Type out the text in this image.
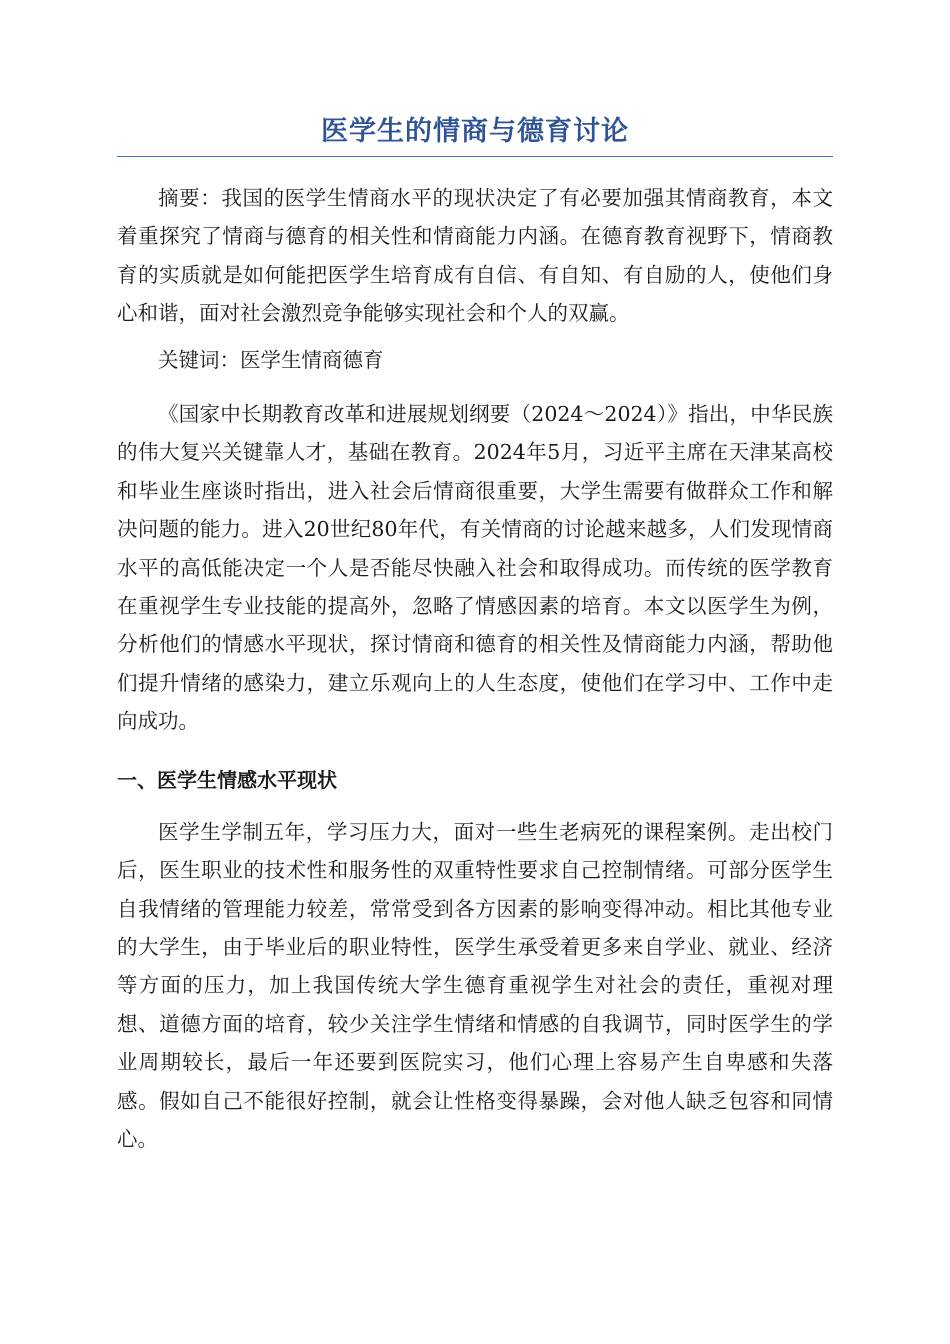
医学生的情商与德育讨论

摘要：我国的医学生情商水平的现状决定了有必要加强其情商教育，本文着重探究了情商与德育的相关性和情商能力内涵。在德育教育视野下，情商教育的实质就是如何能把医学生培育成有自信、有自知、有自励的人，使他们身心和谐，面对社会激烈竞争能够实现社会和个人的双赢。

关键词：医学生情商德育

《国家中长期教育改革和进展规划纲要（2024～2024）》指出，中华民族的伟大复兴关键靠人才，基础在教育。2024年5月，习近平主席在天津某高校和毕业生座谈时指出，进入社会后情商很重要，大学生需要有做群众工作和解决问题的能力。进入20世纪80年代，有关情商的讨论越来越多，人们发现情商水平的高低能决定一个人是否能尽快融入社会和取得成功。而传统的医学教育在重视学生专业技能的提高外，忽略了情感因素的培育。本文以医学生为例，分析他们的情感水平现状，探讨情商和德育的相关性及情商能力内涵，帮助他们提升情绪的感染力，建立乐观向上的人生态度，使他们在学习中、工作中走向成功。

一、医学生情感水平现状

医学生学制五年，学习压力大，面对一些生老病死的课程案例。走出校门后，医生职业的技术性和服务性的双重特性要求自己控制情绪。可部分医学生自我情绪的管理能力较差，常常受到各方因素的影响变得冲动。相比其他专业的大学生，由于毕业后的职业特性，医学生承受着更多来自学业、就业、经济等方面的压力，加上我国传统大学生德育重视学生对社会的责任，重视对理想、道德方面的培育，较少关注学生情绪和情感的自我调节，同时医学生的学业周期较长，最后一年还要到医院实习，他们心理上容易产生自卑感和失落感。假如自己不能很好控制，就会让性格变得暴躁，会对他人缺乏包容和同情心。
